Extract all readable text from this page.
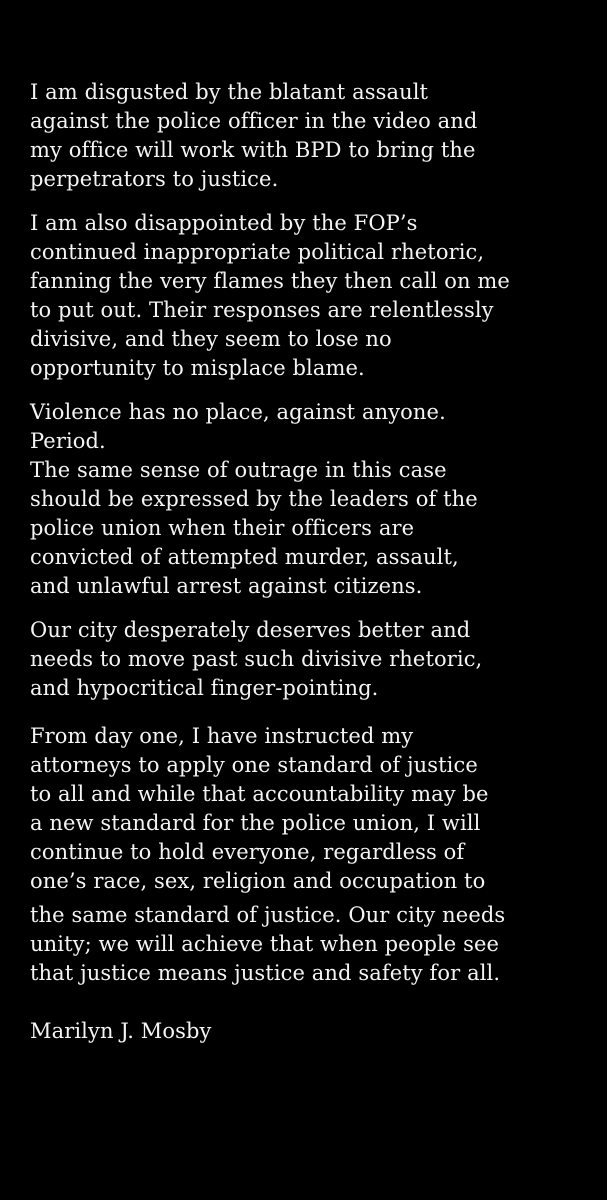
I am disgusted by the blatant assault
against the police officer in the video and
my office will work with BPD to bring the
perpetrators to justice.

I am also disappointed by the FOP’s
continued inappropriate political rhetoric,
fanning the very flames they then call on me
to put out. Their responses are relentlessly
divisive, and they seem to lose no
opportunity to misplace blame.

Violence has no place, against anyone.
Period.

The same sense of outrage in this case
should be expressed by the leaders of the
police union when their officers are
convicted of attempted murder, assault,
and unlawful arrest against citizens.

Our city desperately deserves better and
needs to move past such divisive rhetoric,
and hypocritical finger-pointing.

From day one, I have instructed my
attorneys to apply one standard of justice
to all and while that accountability may be
a new standard for the police union, I will
continue to hold everyone, regardless of
one’s race, sex, religion and occupation to

the same standard of justice. Our city needs
unity; we will achieve that when people see
that justice means justice and safety for all.

Marilyn J. Mosby
